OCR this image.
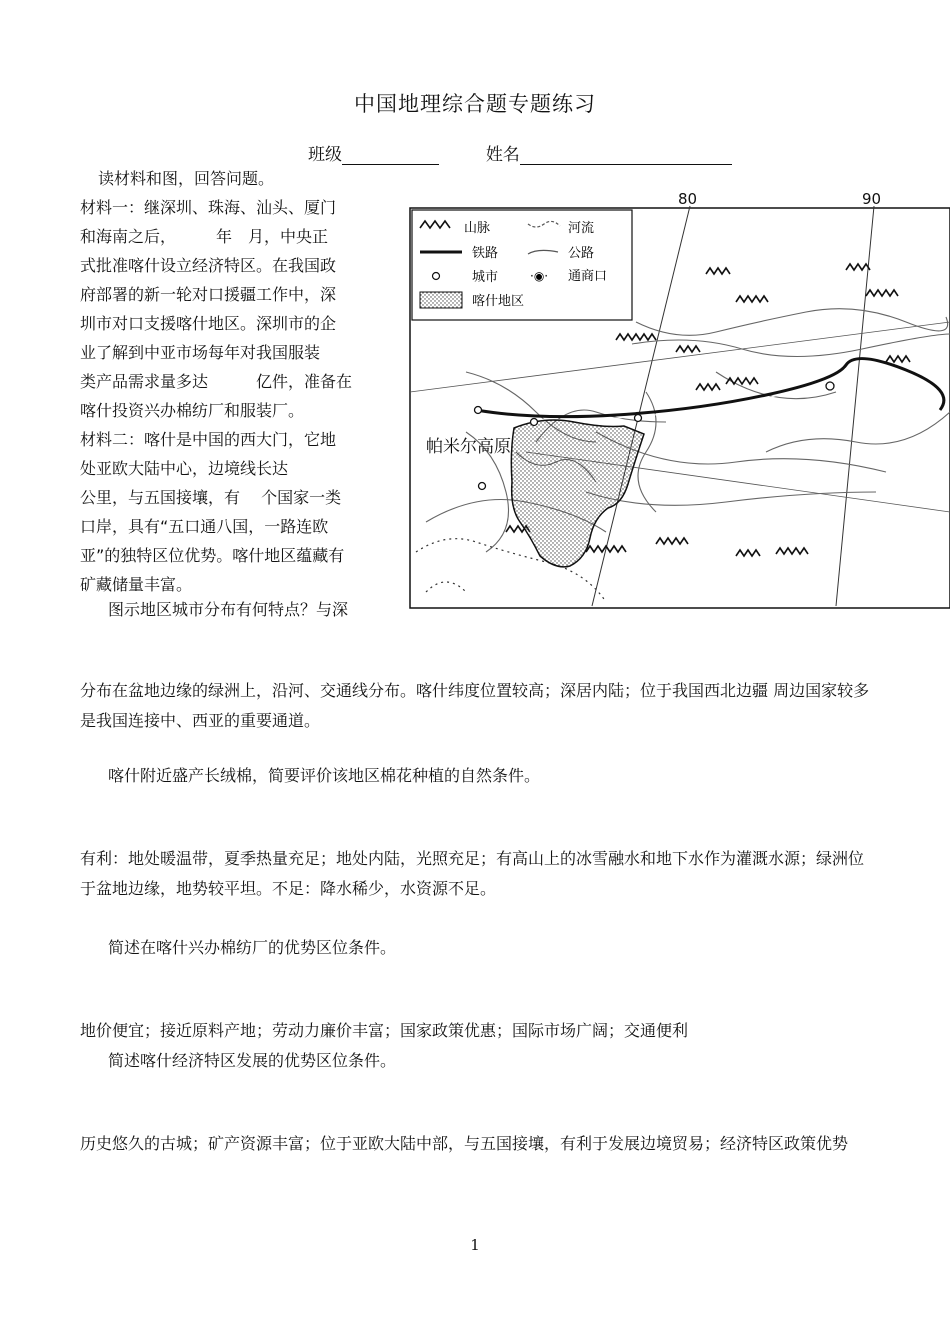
中国地理综合题专题练习
班级	姓名
读材料和图，回答问题。
材料一：继深圳、珠海、汕头、厦门
和海南之后，　　　年　月，中央正
式批准喀什设立经济特区。在我国政
府部署的新一轮对口援疆工作中，深
圳市对口支援喀什地区。深圳市的企
业了解到中亚市场每年对我国服装
类产品需求量多达　　　亿件，准备在
喀什投资兴办棉纺厂和服装厂。
材料二：喀什是中国的西大门，它地
处亚欧大陆中心，边境线长达
公里，与五国接壤，有　 个国家一类
口岸，具有“五口通八国，一路连欧
亚”的独特区位优势。喀什地区蕴藏有
矿藏储量丰富。
80	90
山脉	河流
铁路	公路
城市	·◉· 通商口
喀什地区
帕米尔高原
图示地区城市分布有何特点？与深
分布在盆地边缘的绿洲上，沿河、交通线分布。喀什纬度位置较高；深居内陆；位于我国西北边疆 周边国家较多 是我国连接中、西亚的重要通道。
喀什附近盛产长绒棉，简要评价该地区棉花种植的自然条件。
有利：地处暖温带，夏季热量充足；地处内陆，光照充足；有高山上的冰雪融水和地下水作为灌溉水源；绿洲位于盆地边缘，地势较平坦。不足：降水稀少，水资源不足。
简述在喀什兴办棉纺厂的优势区位条件。
地价便宜；接近原料产地；劳动力廉价丰富；国家政策优惠；国际市场广阔；交通便利
简述喀什经济特区发展的优势区位条件。
历史悠久的古城；矿产资源丰富；位于亚欧大陆中部，与五国接壤，有利于发展边境贸易；经济特区政策优势
1
